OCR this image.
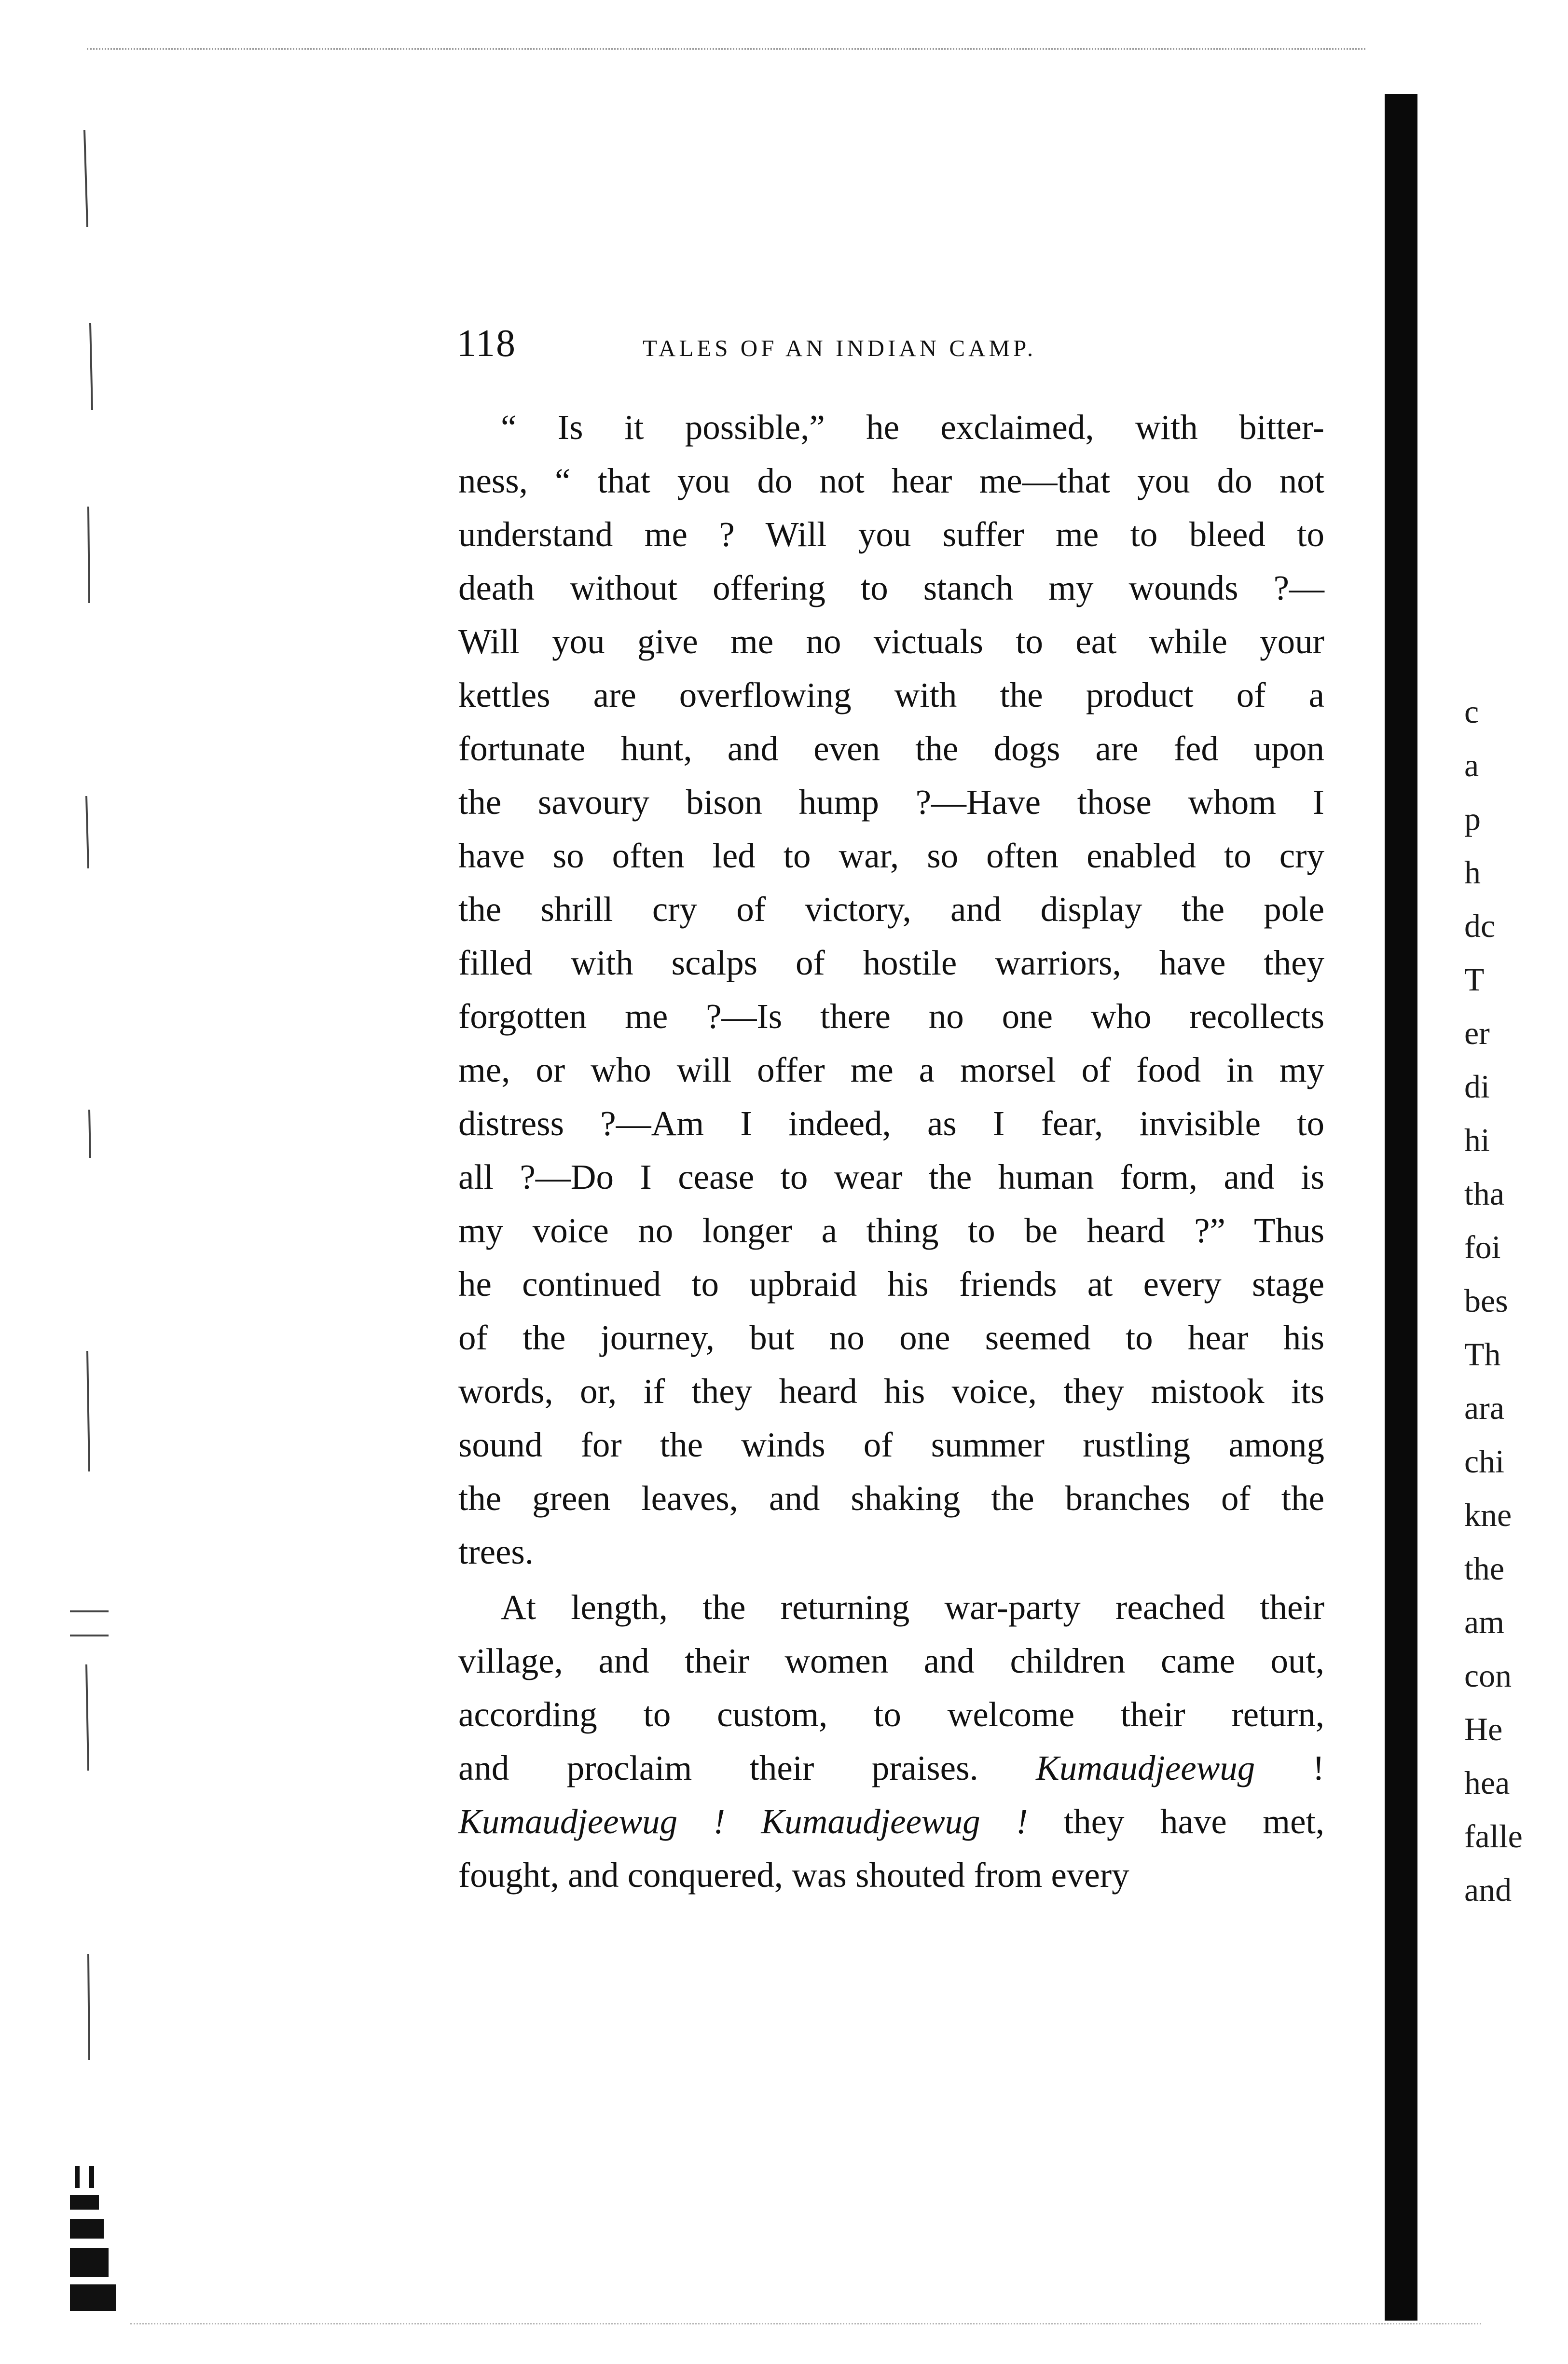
118	TALES OF AN INDIAN CAMP.
“ Is it possible,” he exclaimed, with bitter-
ness, “ that you do not hear me—that you do not
understand me ? Will you suffer me to bleed to
death without offering to stanch my wounds ?—
Will you give me no victuals to eat while your
kettles are overflowing with the product of a
fortunate hunt, and even the dogs are fed upon
the savoury bison hump ?—Have those whom I
have so often led to war, so often enabled to cry
the shrill cry of victory, and display the pole
filled with scalps of hostile warriors, have they
forgotten me ?—Is there no one who recollects
me, or who will offer me a morsel of food in my
distress ?—Am I indeed, as I fear, invisible to
all ?—Do I cease to wear the human form, and is
my voice no longer a thing to be heard ?” Thus
he continued to upbraid his friends at every stage
of the journey, but no one seemed to hear his
words, or, if they heard his voice, they mistook its
sound for the winds of summer rustling among
the green leaves, and shaking the branches of the
trees.
At length, the returning war-party reached their
village, and their women and children came out,
according to custom, to welcome their return,
and proclaim their praises. Kumaudjeewug !
Kumaudjeewug ! Kumaudjeewug ! they have met,
fought, and conquered, was shouted from every
c
a
p
h
dc
T
er
di
hi
tha
foi
bes
Th
ara
chi
kne
the
am
con
He
hea
falle
and
